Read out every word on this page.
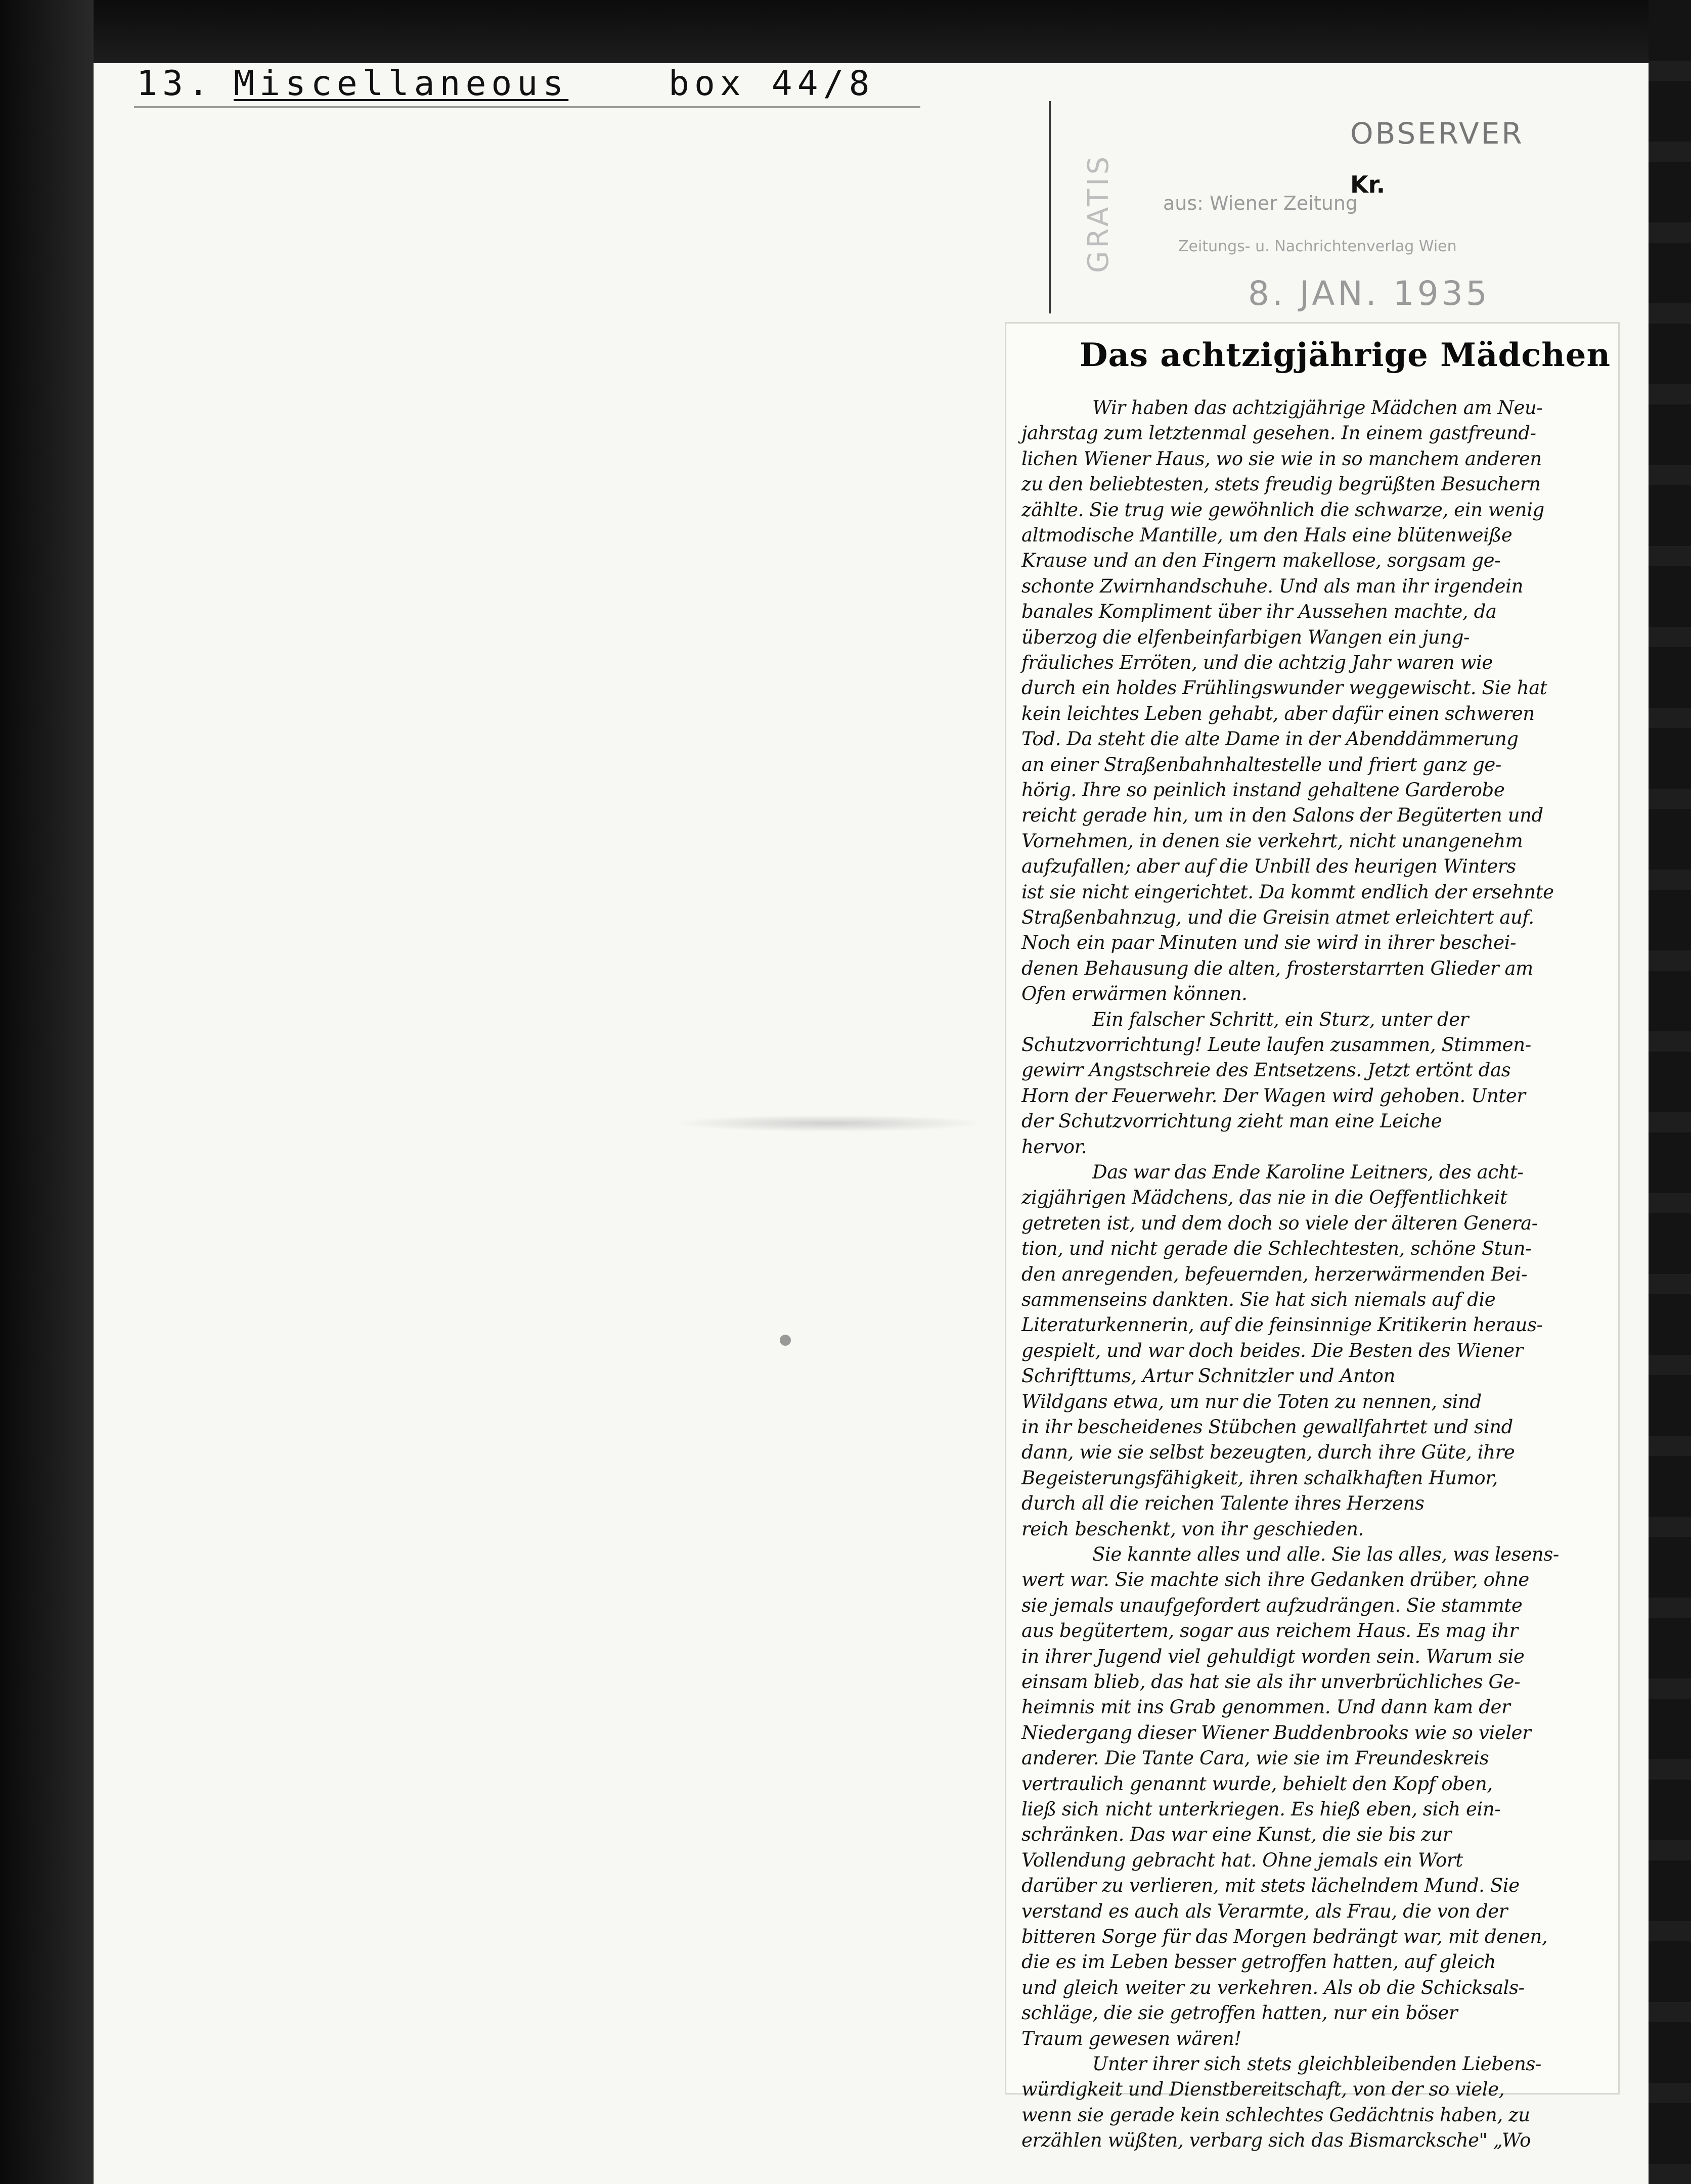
13. Miscellaneous	box 44/8
OBSERVER
Kr.
aus: Wiener Zeitung
Zeitungs- u. Nachrichtenverlag Wien
8. JAN. 1935
GRATIS
Das achtzigjährige Mädchen
Wir haben das achtzigjährige Mädchen am Neu-
jahrstag zum letztenmal gesehen. In einem gastfreund-
lichen Wiener Haus, wo sie wie in so manchem anderen
zu den beliebtesten, stets freudig begrüßten Besuchern
zählte. Sie trug wie gewöhnlich die schwarze, ein wenig
altmodische Mantille, um den Hals eine blütenweiße
Krause und an den Fingern makellose, sorgsam ge-
schonte Zwirnhandschuhe. Und als man ihr irgendein
banales Kompliment über ihr Aussehen machte, da
überzog die elfenbeinfarbigen Wangen ein jung-
fräuliches Erröten, und die achtzig Jahr waren wie
durch ein holdes Frühlingswunder weggewischt. Sie hat
kein leichtes Leben gehabt, aber dafür einen schweren
Tod. Da steht die alte Dame in der Abenddämmerung
an einer Straßenbahnhaltestelle und friert ganz ge-
hörig. Ihre so peinlich instand gehaltene Garderobe
reicht gerade hin, um in den Salons der Begüterten und
Vornehmen, in denen sie verkehrt, nicht unangenehm
aufzufallen; aber auf die Unbill des heurigen Winters
ist sie nicht eingerichtet. Da kommt endlich der ersehnte
Straßenbahnzug, und die Greisin atmet erleichtert auf.
Noch ein paar Minuten und sie wird in ihrer beschei-
denen Behausung die alten, frosterstarrten Glieder am
Ofen erwärmen können.
Ein falscher Schritt, ein Sturz, unter der
Schutzvorrichtung! Leute laufen zusammen, Stimmen-
gewirr Angstschreie des Entsetzens. Jetzt ertönt das
Horn der Feuerwehr. Der Wagen wird gehoben. Unter
der Schutzvorrichtung zieht man eine Leiche
hervor.
Das war das Ende Karoline Leitners, des acht-
zigjährigen Mädchens, das nie in die Oeffentlichkeit
getreten ist, und dem doch so viele der älteren Genera-
tion, und nicht gerade die Schlechtesten, schöne Stun-
den anregenden, befeuernden, herzerwärmenden Bei-
sammenseins dankten. Sie hat sich niemals auf die
Literaturkennerin, auf die feinsinnige Kritikerin heraus-
gespielt, und war doch beides. Die Besten des Wiener
Schrifttums, Artur Schnitzler und Anton
Wildgans etwa, um nur die Toten zu nennen, sind
in ihr bescheidenes Stübchen gewallfahrtet und sind
dann, wie sie selbst bezeugten, durch ihre Güte, ihre
Begeisterungsfähigkeit, ihren schalkhaften Humor,
durch all die reichen Talente ihres Herzens
reich beschenkt, von ihr geschieden.
Sie kannte alles und alle. Sie las alles, was lesens-
wert war. Sie machte sich ihre Gedanken drüber, ohne
sie jemals unaufgefordert aufzudrängen. Sie stammte
aus begütertem, sogar aus reichem Haus. Es mag ihr
in ihrer Jugend viel gehuldigt worden sein. Warum sie
einsam blieb, das hat sie als ihr unverbrüchliches Ge-
heimnis mit ins Grab genommen. Und dann kam der
Niedergang dieser Wiener Buddenbrooks wie so vieler
anderer. Die Tante Cara, wie sie im Freundeskreis
vertraulich genannt wurde, behielt den Kopf oben,
ließ sich nicht unterkriegen. Es hieß eben, sich ein-
schränken. Das war eine Kunst, die sie bis zur
Vollendung gebracht hat. Ohne jemals ein Wort
darüber zu verlieren, mit stets lächelndem Mund. Sie
verstand es auch als Verarmte, als Frau, die von der
bitteren Sorge für das Morgen bedrängt war, mit denen,
die es im Leben besser getroffen hatten, auf gleich
und gleich weiter zu verkehren. Als ob die Schicksals-
schläge, die sie getroffen hatten, nur ein böser
Traum gewesen wären!
Unter ihrer sich stets gleichbleibenden Liebens-
würdigkeit und Dienstbereitschaft, von der so viele,
wenn sie gerade kein schlechtes Gedächtnis haben, zu
erzählen wüßten, verbarg sich das Bismarcksche" „Wo
